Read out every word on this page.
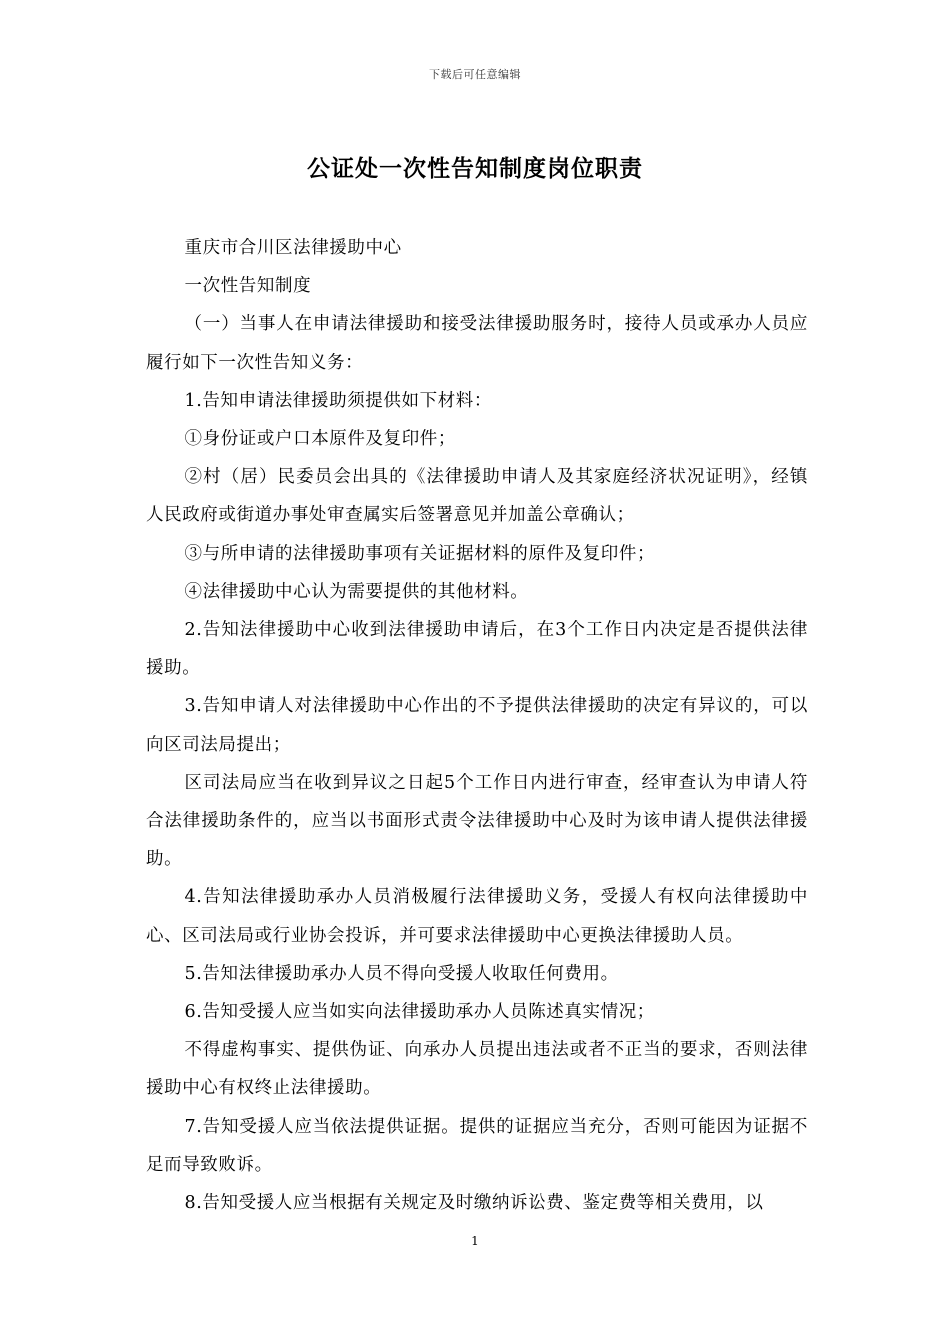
下载后可任意编辑
公证处一次性告知制度岗位职责

重庆市合川区法律援助中心

一次性告知制度

（一）当事人在申请法律援助和接受法律援助服务时，接待人员或承办人员应履行如下一次性告知义务：

1.告知申请法律援助须提供如下材料：

①身份证或户口本原件及复印件；

②村（居）民委员会出具的《法律援助申请人及其家庭经济状况证明》，经镇人民政府或街道办事处审查属实后签署意见并加盖公章确认；

③与所申请的法律援助事项有关证据材料的原件及复印件；

④法律援助中心认为需要提供的其他材料。

2.告知法律援助中心收到法律援助申请后，在3个工作日内决定是否提供法律援助。

3.告知申请人对法律援助中心作出的不予提供法律援助的决定有异议的，可以向区司法局提出；

区司法局应当在收到异议之日起5个工作日内进行审查，经审查认为申请人符合法律援助条件的，应当以书面形式责令法律援助中心及时为该申请人提供法律援助。

4.告知法律援助承办人员消极履行法律援助义务，受援人有权向法律援助中心、区司法局或行业协会投诉，并可要求法律援助中心更换法律援助人员。

5.告知法律援助承办人员不得向受援人收取任何费用。

6.告知受援人应当如实向法律援助承办人员陈述真实情况；

不得虚构事实、提供伪证、向承办人员提出违法或者不正当的要求，否则法律援助中心有权终止法律援助。

7.告知受援人应当依法提供证据。提供的证据应当充分，否则可能因为证据不足而导致败诉。

8.告知受援人应当根据有关规定及时缴纳诉讼费、鉴定费等相关费用，以

1
